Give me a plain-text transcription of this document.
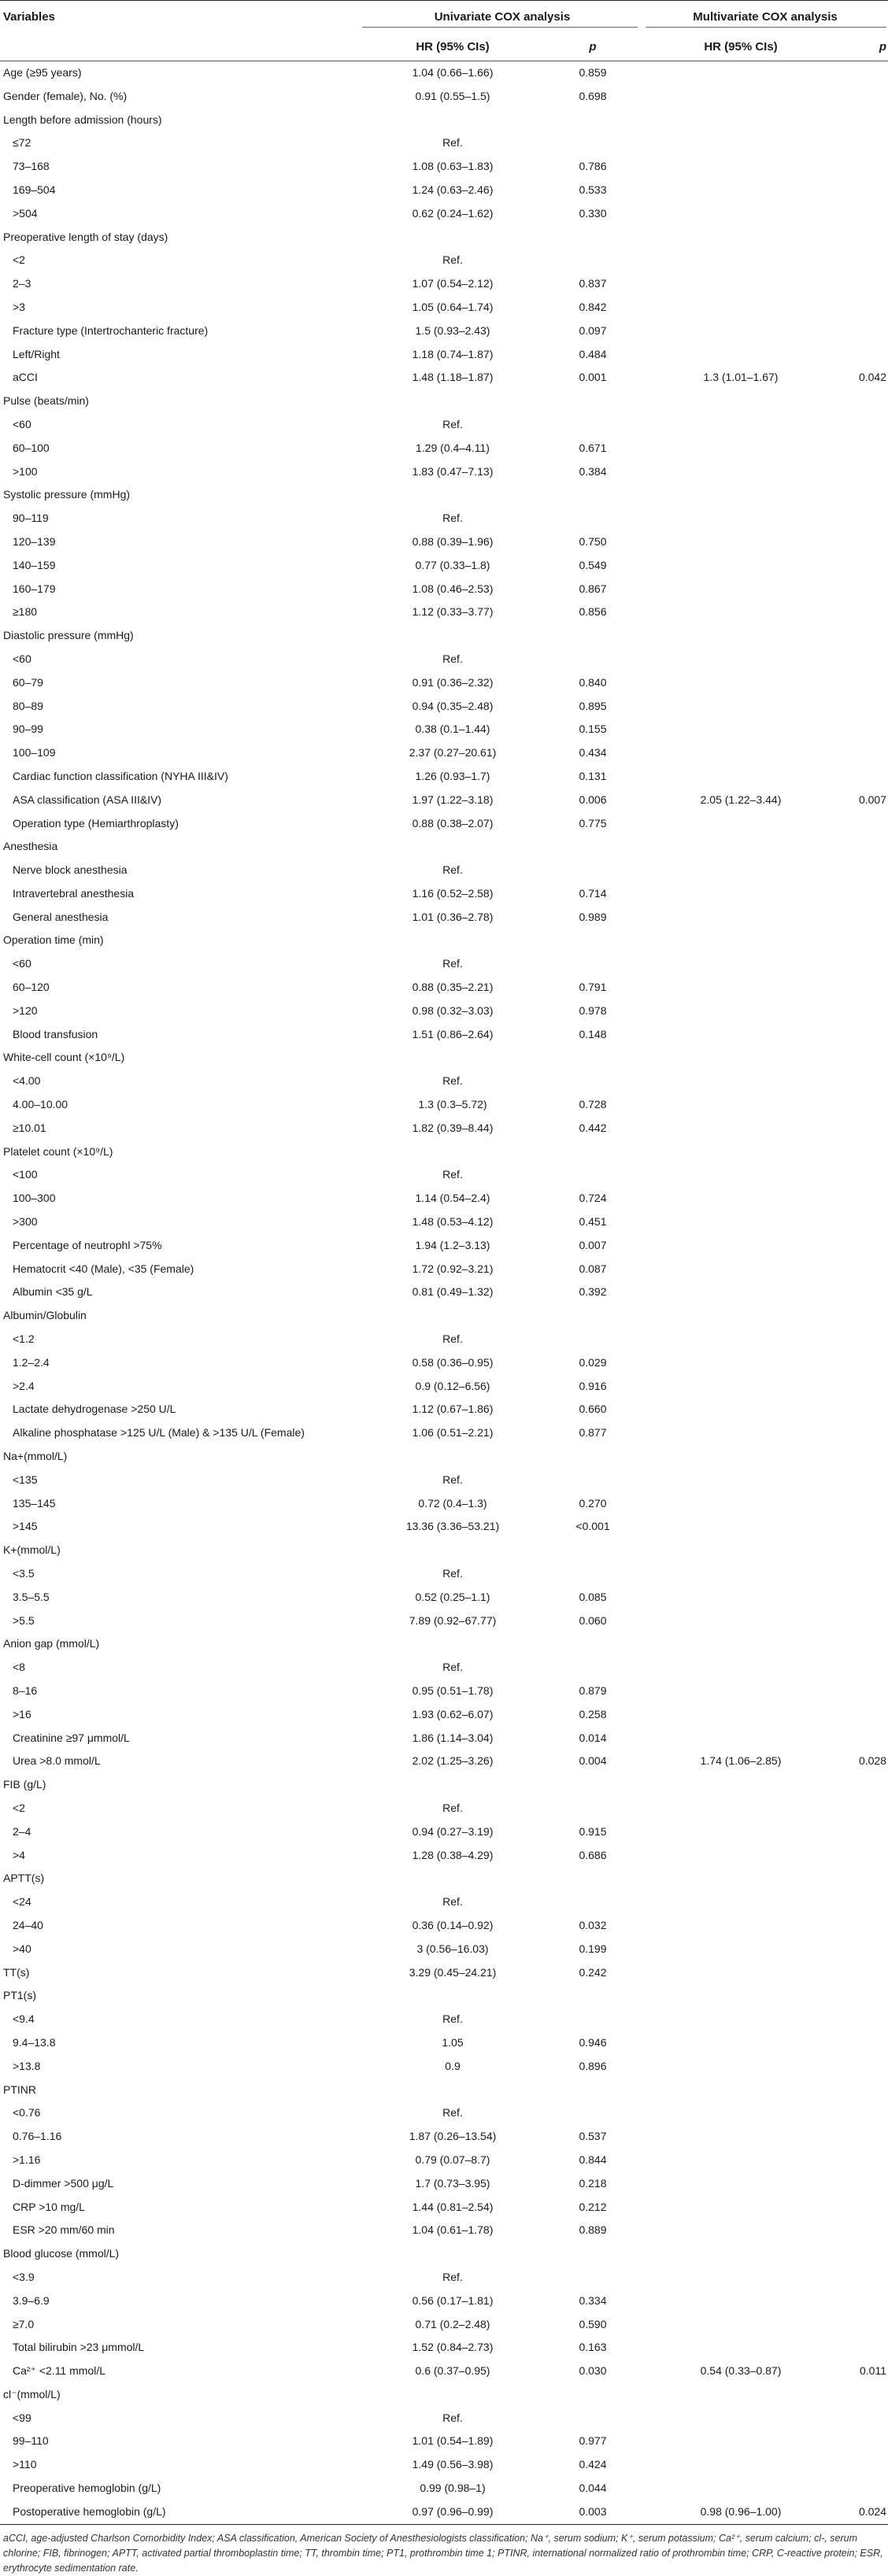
Variables	Univariate COX analysis	Multivariate COX analysis
HR (95% CIs)	p	HR (95% CIs)	p
Age (≥95 years)	1.04 (0.66–1.66)	0.859
Gender (female), No. (%)	0.91 (0.55–1.5)	0.698
Length before admission (hours)
≤72	Ref.
73–168	1.08 (0.63–1.83)	0.786
169–504	1.24 (0.63–2.46)	0.533
>504	0.62 (0.24–1.62)	0.330
Preoperative length of stay (days)
<2	Ref.
2–3	1.07 (0.54–2.12)	0.837
>3	1.05 (0.64–1.74)	0.842
Fracture type (Intertrochanteric fracture)	1.5 (0.93–2.43)	0.097
Left/Right	1.18 (0.74–1.87)	0.484
aCCI	1.48 (1.18–1.87)	0.001	1.3 (1.01–1.67)	0.042
Pulse (beats/min)
<60	Ref.
60–100	1.29 (0.4–4.11)	0.671
>100	1.83 (0.47–7.13)	0.384
Systolic pressure (mmHg)
90–119	Ref.
120–139	0.88 (0.39–1.96)	0.750
140–159	0.77 (0.33–1.8)	0.549
160–179	1.08 (0.46–2.53)	0.867
≥180	1.12 (0.33–3.77)	0.856
Diastolic pressure (mmHg)
<60	Ref.
60–79	0.91 (0.36–2.32)	0.840
80–89	0.94 (0.35–2.48)	0.895
90–99	0.38 (0.1–1.44)	0.155
100–109	2.37 (0.27–20.61)	0.434
Cardiac function classification (NYHA III&IV)	1.26 (0.93–1.7)	0.131
ASA classification (ASA III&IV)	1.97 (1.22–3.18)	0.006	2.05 (1.22–3.44)	0.007
Operation type (Hemiarthroplasty)	0.88 (0.38–2.07)	0.775
Anesthesia
Nerve block anesthesia	Ref.
Intravertebral anesthesia	1.16 (0.52–2.58)	0.714
General anesthesia	1.01 (0.36–2.78)	0.989
Operation time (min)
<60	Ref.
60–120	0.88 (0.35–2.21)	0.791
>120	0.98 (0.32–3.03)	0.978
Blood transfusion	1.51 (0.86–2.64)	0.148
White-cell count (×10⁹/L)
<4.00	Ref.
4.00–10.00	1.3 (0.3–5.72)	0.728
≥10.01	1.82 (0.39–8.44)	0.442
Platelet count (×10⁹/L)
<100	Ref.
100–300	1.14 (0.54–2.4)	0.724
>300	1.48 (0.53–4.12)	0.451
Percentage of neutrophl >75%	1.94 (1.2–3.13)	0.007
Hematocrit <40 (Male), <35 (Female)	1.72 (0.92–3.21)	0.087
Albumin <35 g/L	0.81 (0.49–1.32)	0.392
Albumin/Globulin
<1.2	Ref.
1.2–2.4	0.58 (0.36–0.95)	0.029
>2.4	0.9 (0.12–6.56)	0.916
Lactate dehydrogenase >250 U/L	1.12 (0.67–1.86)	0.660
Alkaline phosphatase >125 U/L (Male) & >135 U/L (Female)	1.06 (0.51–2.21)	0.877
Na+(mmol/L)
<135	Ref.
135–145	0.72 (0.4–1.3)	0.270
>145	13.36 (3.36–53.21)	<0.001
K+(mmol/L)
<3.5	Ref.
3.5–5.5	0.52 (0.25–1.1)	0.085
>5.5	7.89 (0.92–67.77)	0.060
Anion gap (mmol/L)
<8	Ref.
8–16	0.95 (0.51–1.78)	0.879
>16	1.93 (0.62–6.07)	0.258
Creatinine ≥97 μmmol/L	1.86 (1.14–3.04)	0.014
Urea >8.0 mmol/L	2.02 (1.25–3.26)	0.004	1.74 (1.06–2.85)	0.028
FIB (g/L)
<2	Ref.
2–4	0.94 (0.27–3.19)	0.915
>4	1.28 (0.38–4.29)	0.686
APTT(s)
<24	Ref.
24–40	0.36 (0.14–0.92)	0.032
>40	3 (0.56–16.03)	0.199
TT(s)	3.29 (0.45–24.21)	0.242
PT1(s)
<9.4	Ref.
9.4–13.8	1.05	0.946
>13.8	0.9	0.896
PTINR
<0.76	Ref.
0.76–1.16	1.87 (0.26–13.54)	0.537
>1.16	0.79 (0.07–8.7)	0.844
D-dimmer >500 μg/L	1.7 (0.73–3.95)	0.218
CRP >10 mg/L	1.44 (0.81–2.54)	0.212
ESR >20 mm/60 min	1.04 (0.61–1.78)	0.889
Blood glucose (mmol/L)
<3.9	Ref.
3.9–6.9	0.56 (0.17–1.81)	0.334
≥7.0	0.71 (0.2–2.48)	0.590
Total bilirubin >23 μmmol/L	1.52 (0.84–2.73)	0.163
Ca²⁺ <2.11 mmol/L	0.6 (0.37–0.95)	0.030	0.54 (0.33–0.87)	0.011
cl⁻(mmol/L)
<99	Ref.
99–110	1.01 (0.54–1.89)	0.977
>110	1.49 (0.56–3.98)	0.424
Preoperative hemoglobin (g/L)	0.99 (0.98–1)	0.044
Postoperative hemoglobin (g/L)	0.97 (0.96–0.99)	0.003	0.98 (0.96–1.00)	0.024
aCCI, age-adjusted Charlson Comorbidity Index; ASA classification, American Society of Anesthesiologists classification; Na⁺, serum sodium; K⁺, serum potassium; Ca²⁺, serum calcium; cl-, serum chlorine; FIB, fibrinogen; APTT, activated partial thromboplastin time; TT, thrombin time; PT1, prothrombin time 1; PTINR, international normalized ratio of prothrombin time; CRP, C-reactive protein; ESR, erythrocyte sedimentation rate.
